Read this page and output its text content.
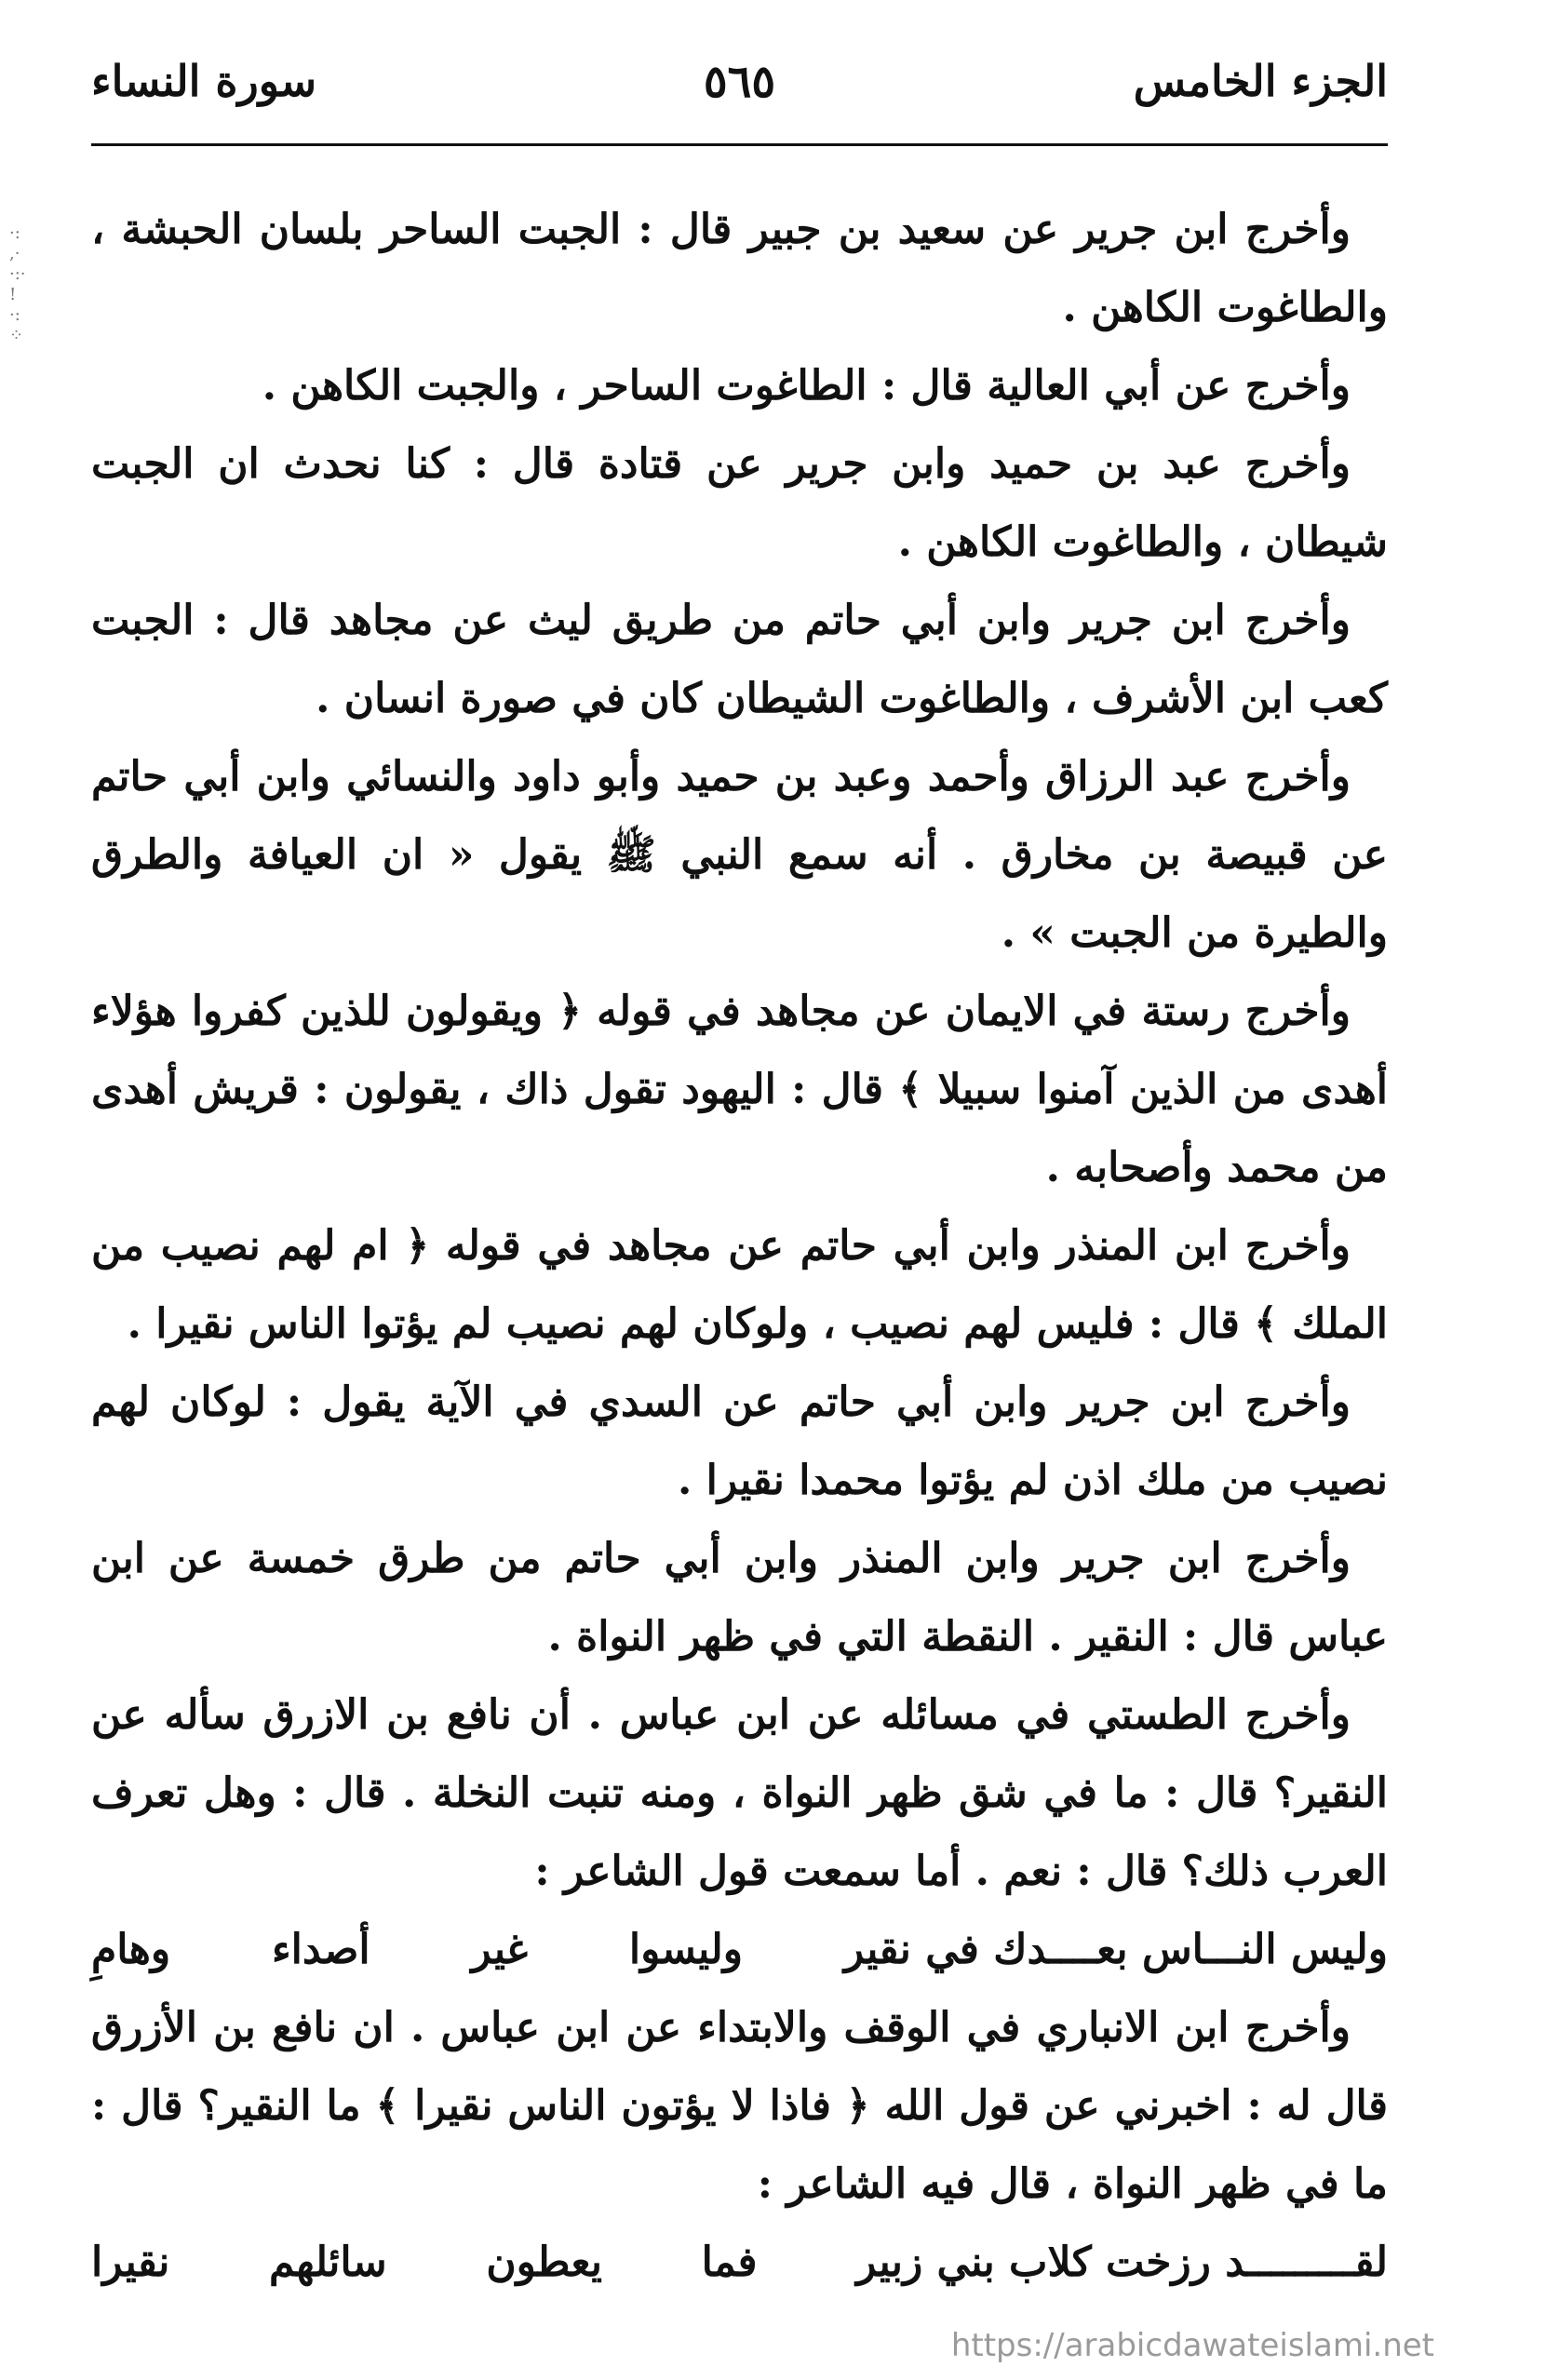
الجزء الخامس
٥٦٥
سورة النساء
·:
,·
·:·
!
·:
⁘

وأخرج ابن جرير عن سعيد بن جبير قال : الجبت الساحر بلسان الحبشة ، والطاغوت الكاهن .

وأخرج عن أبي العالية قال : الطاغوت الساحر ، والجبت الكاهن .

وأخرج عبد بن حميد وابن جرير عن قتادة قال : كنا نحدث ان الجبت شيطان ، والطاغوت الكاهن .

وأخرج ابن جرير وابن أبي حاتم من طريق ليث عن مجاهد قال : الجبت كعب ابن الأشرف ، والطاغوت الشيطان كان في صورة انسان .

وأخرج عبد الرزاق وأحمد وعبد بن حميد وأبو داود والنسائي وابن أبي حاتم عن قبيصة بن مخارق . أنه سمع النبي ﷺ يقول « ان العيافة والطرق والطيرة من الجبت » .

وأخرج رستة في الايمان عن مجاهد في قوله ﴿ ويقولون للذين كفروا هؤلاء أهدى من الذين آمنوا سبيلا ﴾ قال : اليهود تقول ذاك ، يقولون : قريش أهدى من محمد وأصحابه .

وأخرج ابن المنذر وابن أبي حاتم عن مجاهد في قوله ﴿ ام لهم نصيب من الملك ﴾ قال : فليس لهم نصيب ، ولوكان لهم نصيب لم يؤتوا الناس نقيرا .

وأخرج ابن جرير وابن أبي حاتم عن السدي في الآية يقول : لوكان لهم نصيب من ملك اذن لم يؤتوا محمدا نقيرا .

وأخرج ابن جرير وابن المنذر وابن أبي حاتم من طرق خمسة عن ابن عباس قال : النقير . النقطة التي في ظهر النواة .

وأخرج الطستي في مسائله عن ابن عباس . أن نافع بن الازرق سأله عن النقير؟ قال : ما في شق ظهر النواة ، ومنه تنبت النخلة . قال : وهل تعرف العرب ذلك؟ قال : نعم . أما سمعت قول الشاعر :

وليس النـــاس بعــــدك في نقير
وليسوا
غير
أصداء
وهامِ

وأخرج ابن الانباري في الوقف والابتداء عن ابن عباس . ان نافع بن الأزرق قال له : اخبرني عن قول الله ﴿ فاذا لا يؤتون الناس نقيرا ﴾ ما النقير؟ قال : ما في ظهر النواة ، قال فيه الشاعر :

لقـــــــــد رزخت كلاب بني زبير
فما
يعطون
سائلهم
نقيرا
https://arabicdawateislami.net
